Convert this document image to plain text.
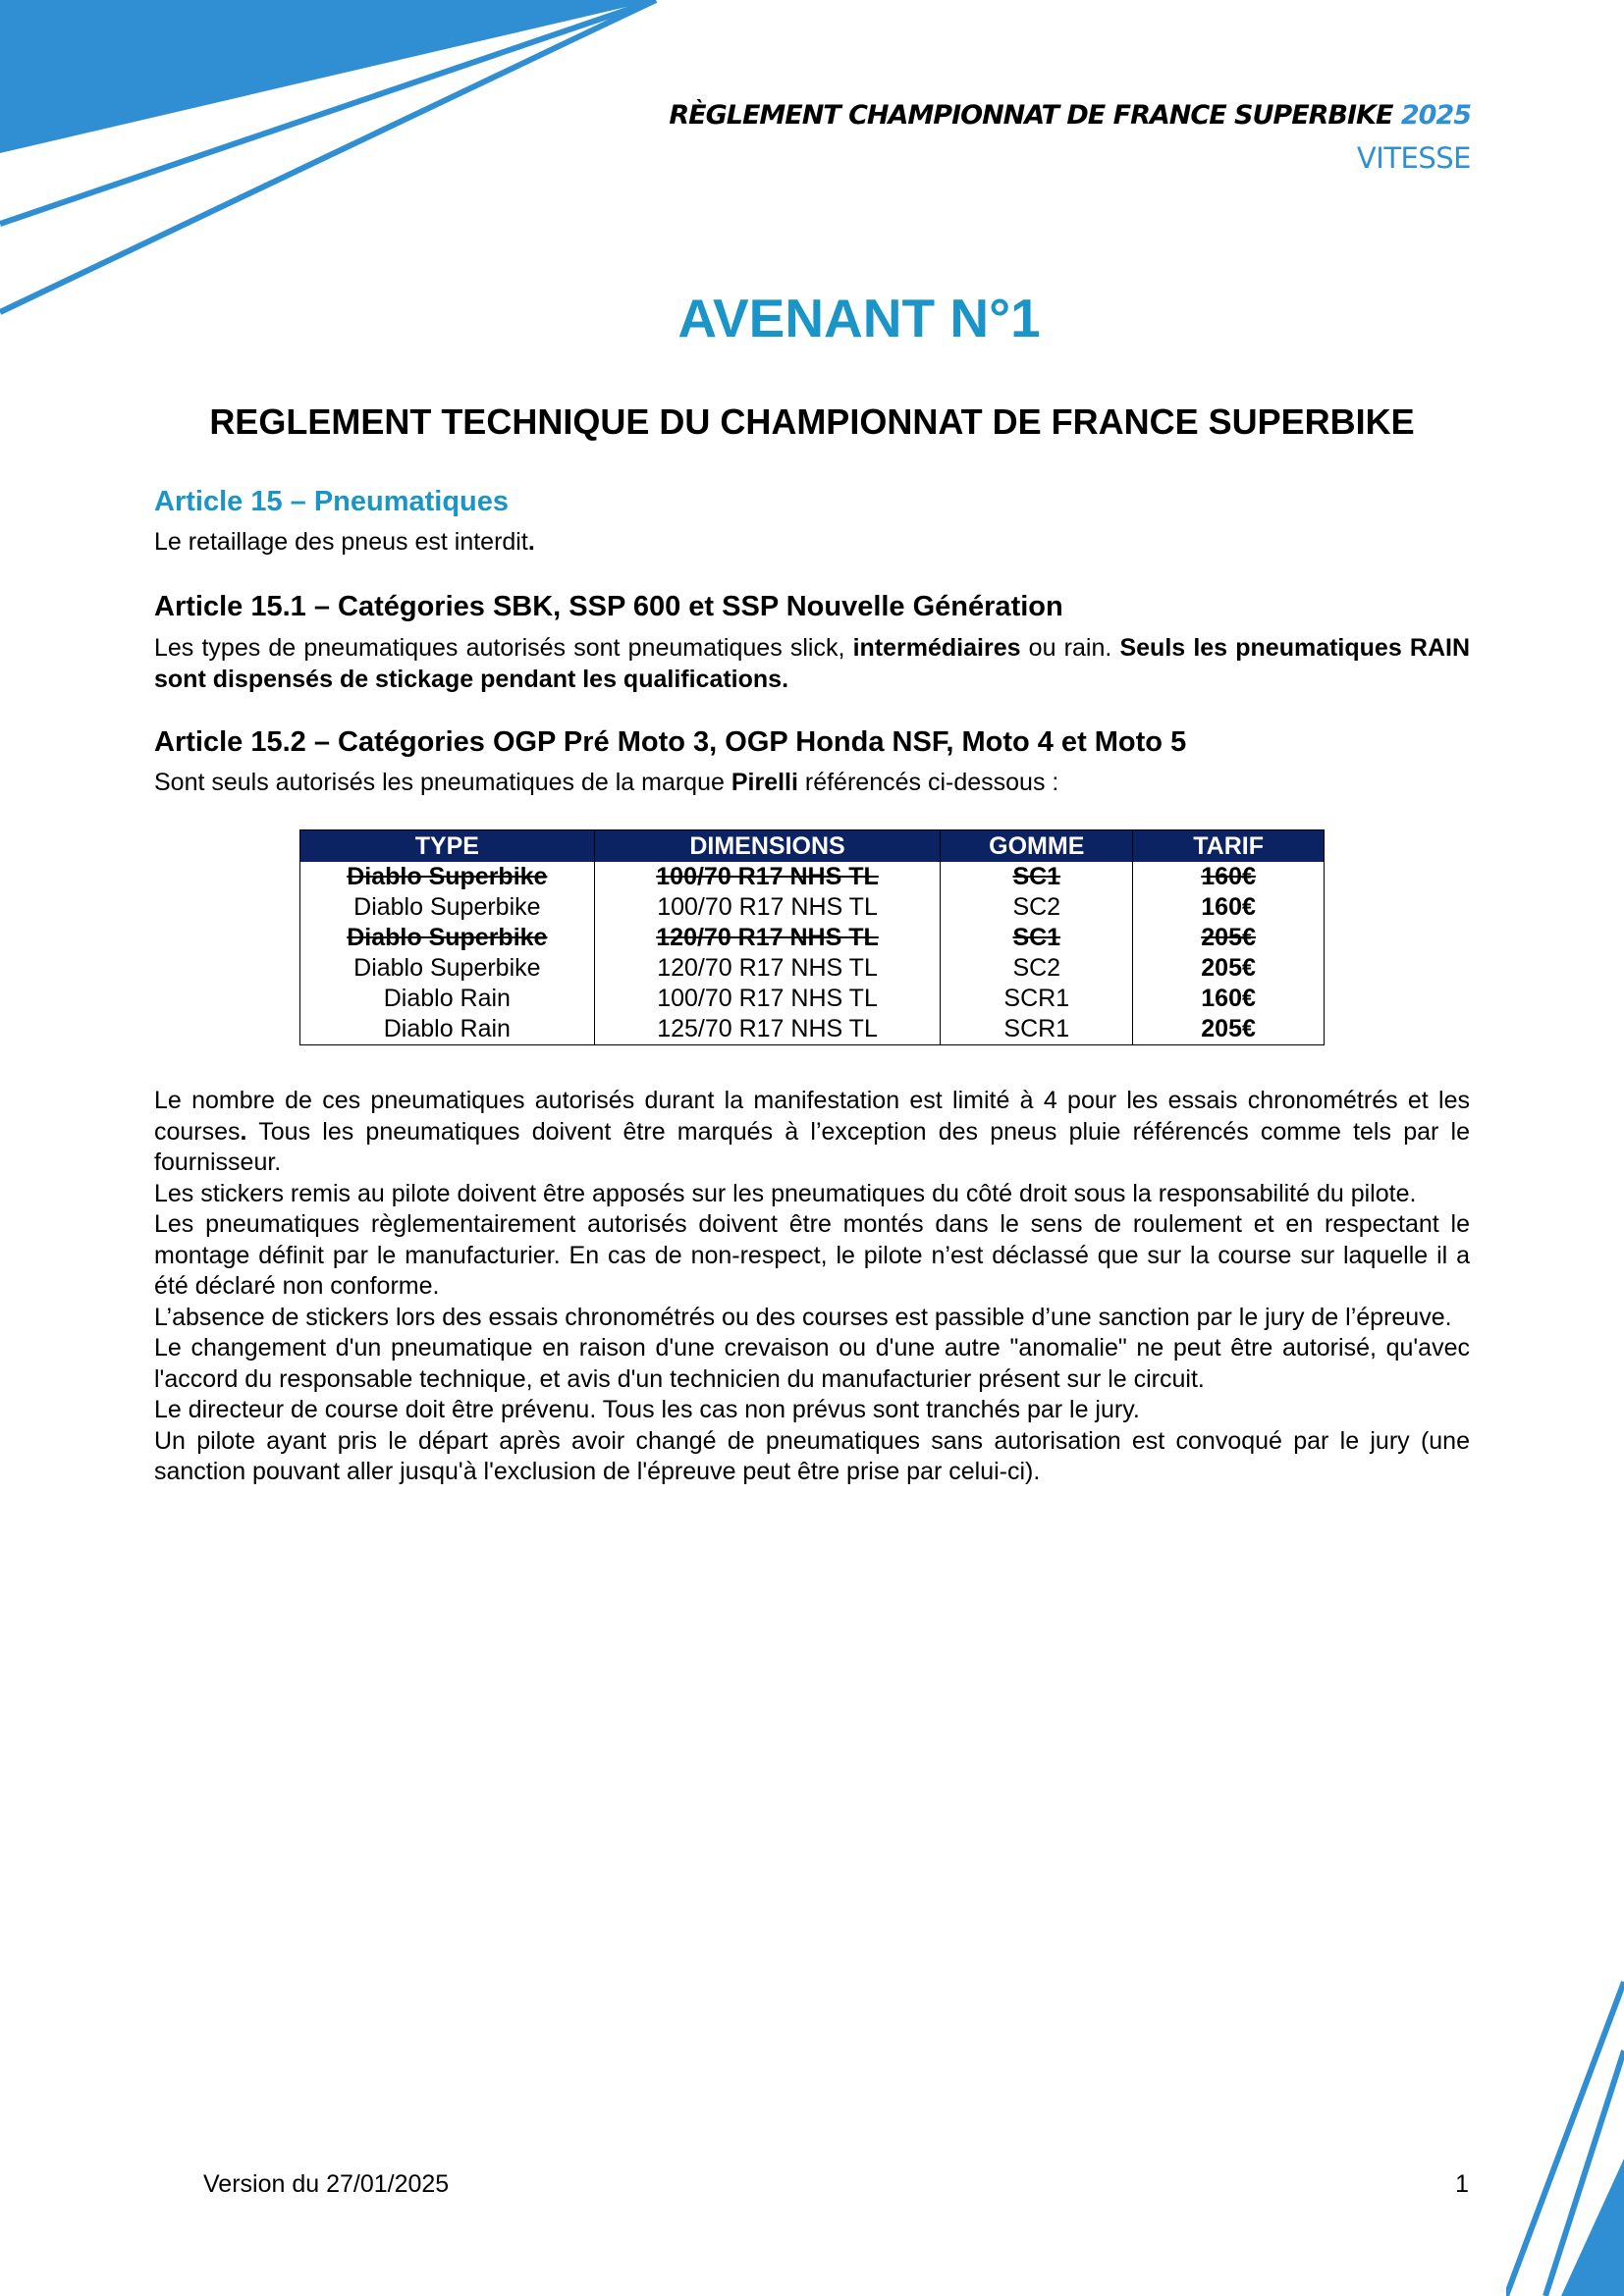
RÈGLEMENT CHAMPIONNAT DE FRANCE SUPERBIKE 2025
VITESSE
AVENANT N°1
REGLEMENT TECHNIQUE DU CHAMPIONNAT DE FRANCE SUPERBIKE
Article 15 – Pneumatiques
Le retaillage des pneus est interdit.
Article 15.1 – Catégories SBK, SSP 600 et SSP Nouvelle Génération

Les types de pneumatiques autorisés sont pneumatiques slick, intermédiaires ou rain. Seuls les pneumatiques RAIN sont dispensés de stickage pendant les qualifications.

Article 15.2 – Catégories OGP Pré Moto 3, OGP Honda NSF, Moto 4 et Moto 5
Sont seuls autorisés les pneumatiques de la marque Pirelli référencés ci-dessous :
TYPE	DIMENSIONS	GOMME	TARIF
Diablo Superbike	100/70 R17 NHS TL	SC1	160€
Diablo Superbike	100/70 R17 NHS TL	SC2	160€
Diablo Superbike	120/70 R17 NHS TL	SC1	205€
Diablo Superbike	120/70 R17 NHS TL	SC2	205€
Diablo Rain	100/70 R17 NHS TL	SCR1	160€
Diablo Rain	125/70 R17 NHS TL	SCR1	205€

Le nombre de ces pneumatiques autorisés durant la manifestation est limité à 4 pour les essais chronométrés et les courses. Tous les pneumatiques doivent être marqués à l’exception des pneus pluie référencés comme tels par le fournisseur.

Les stickers remis au pilote doivent être apposés sur les pneumatiques du côté droit sous la responsabilité du pilote.

Les pneumatiques règlementairement autorisés doivent être montés dans le sens de roulement et en respectant le montage définit par le manufacturier. En cas de non-respect, le pilote n’est déclassé que sur la course sur laquelle il a été déclaré non conforme.

L’absence de stickers lors des essais chronométrés ou des courses est passible d’une sanction par le jury de l’épreuve.

Le changement d'un pneumatique en raison d'une crevaison ou d'une autre "anomalie" ne peut être autorisé, qu'avec l'accord du responsable technique, et avis d'un technicien du manufacturier présent sur le circuit.

Le directeur de course doit être prévenu. Tous les cas non prévus sont tranchés par le jury.

Un pilote ayant pris le départ après avoir changé de pneumatiques sans autorisation est convoqué par le jury (une sanction pouvant aller jusqu'à l'exclusion de l'épreuve peut être prise par celui-ci).

Version du 27/01/2025	1
